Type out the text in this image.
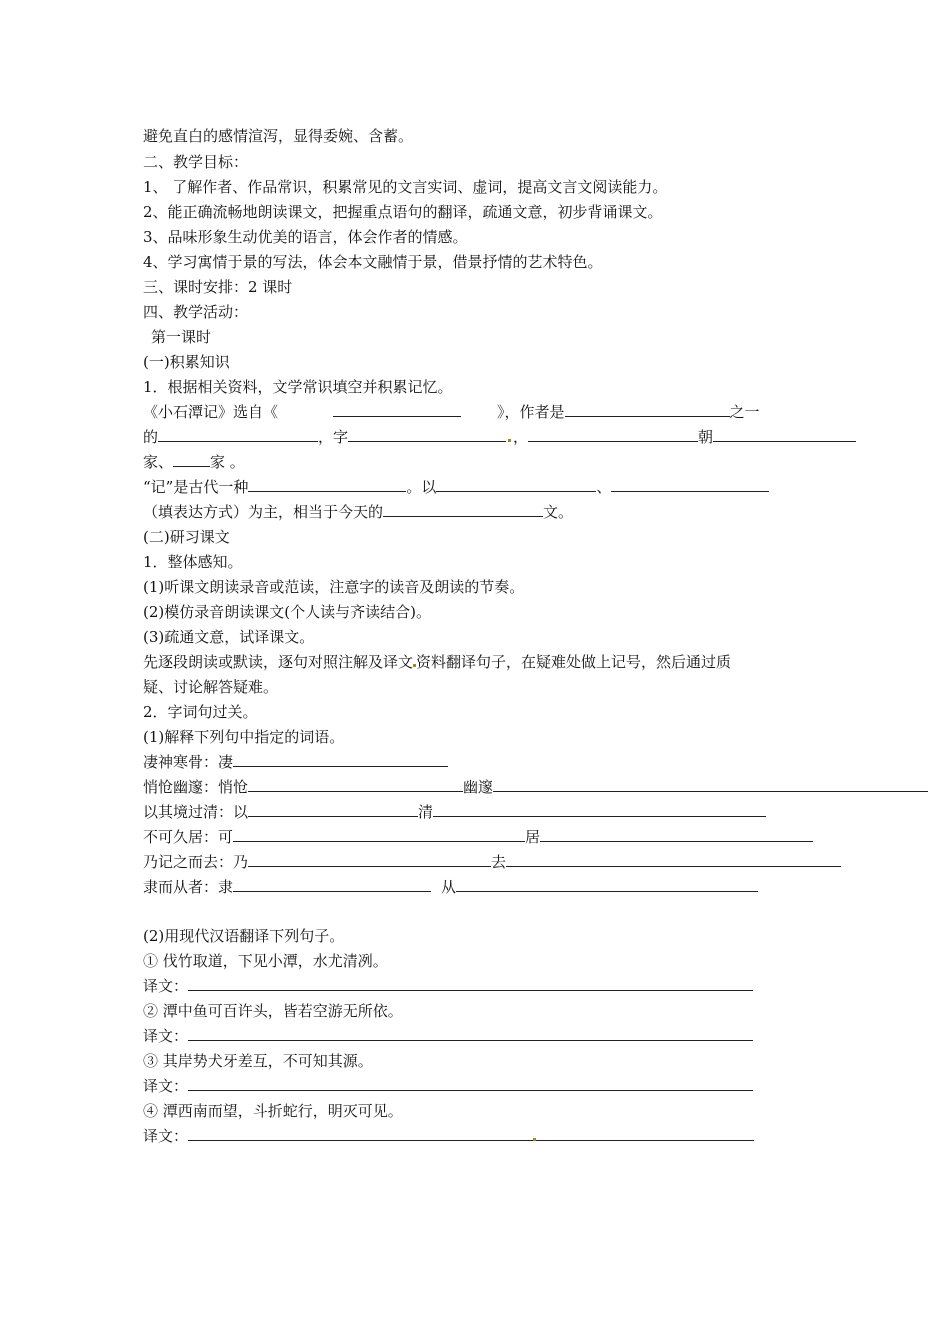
避免直白的感情渲泻，显得委婉、含蓄。
二、教学目标：
1、 了解作者、作品常识，积累常见的文言实词、虚词，提高文言文阅读能力。
2、能正确流畅地朗读课文，把握重点语句的翻译，疏通文意，初步背诵课文。
3、品味形象生动优美的语言，体会作者的情感。
4、学习寓情于景的写法，体会本文融情于景，借景抒情的艺术特色。
三、课时安排：2 课时
四、教学活动：
第一课时
(一)积累知识
1．根据相关资料，文学常识填空并积累记忆。
《小石潭记》选自《	》，作者是	之一
的	，字	，	朝
家、 家 。
“记”是古代一种	。以	、
（填表达方式）为主，相当于今天的	文。
(二)研习课文
1．整体感知。
(1)听课文朗读录音或范读，注意字的读音及朗读的节奏。
(2)模仿录音朗读课文(个人读与齐读结合)。
(3)疏通文意，试译课文。
先逐段朗读或默读，逐句对照注解及译文 资料翻译句子，在疑难处做上记号，然后通过质
疑、讨论解答疑难。
2．字词句过关。
(1)解释下列句中指定的词语。
凄神寒骨：凄
悄怆幽邃：悄怆	幽邃
以其境过清：以	清
不可久居：可	居
乃记之而去：乃	去
隶而从者：隶	从
(2)用现代汉语翻译下列句子。
① 伐竹取道，下见小潭，水尤清冽。
译文：
② 潭中鱼可百许头，皆若空游无所依。
译文：
③ 其岸势犬牙差互，不可知其源。
译文：
④ 潭西南而望，斗折蛇行，明灭可见。
译文：
